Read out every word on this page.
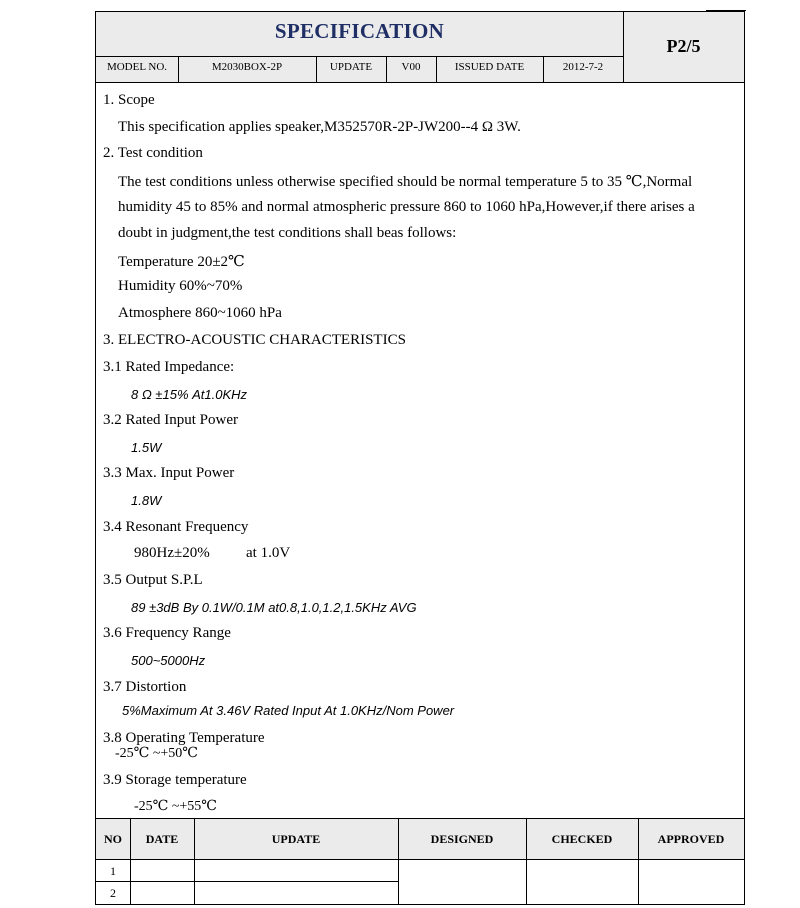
SPECIFICATION
P2/5
MODEL NO.	M2030BOX-2P	UPDATE	V00	ISSUED DATE	2012-7-2
1. Scope
This specification applies speaker,M352570R-2P-JW200--4 Ω 3W.
2. Test condition
The test conditions unless otherwise specified should be normal temperature 5 to 35 ℃,Normal
humidity 45 to 85% and normal atmospheric pressure 860 to 1060 hPa,However,if there arises a
doubt in judgment,the test conditions shall beas follows:
Temperature 20±2℃
Humidity 60%~70%
Atmosphere 860~1060 hPa
3. ELECTRO-ACOUSTIC CHARACTERISTICS
3.1 Rated Impedance:
8 Ω ±15% At1.0KHz
3.2 Rated Input Power
1.5W
3.3 Max. Input Power
1.8W
3.4 Resonant Frequency
980Hz±20% at 1.0V
3.5 Output S.P.L
89 ±3dB By 0.1W/0.1M at0.8,1.0,1.2,1.5KHz AVG
3.6 Frequency Range
500~5000Hz
3.7 Distortion
5%Maximum At 3.46V Rated Input At 1.0KHz/Nom Power
3.8 Operating Temperature
-25℃ ~+50℃
3.9 Storage temperature
-25℃ ~+55℃
NO	DATE	UPDATE	DESIGNED	CHECKED	APPROVED
1
2
